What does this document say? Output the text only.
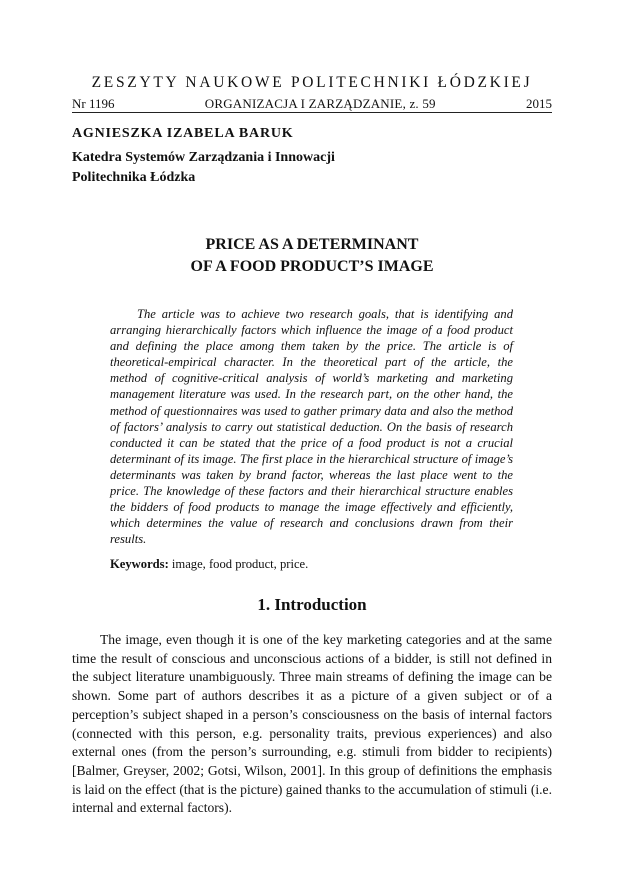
ZESZYTY NAUKOWE POLITECHNIKI ŁÓDZKIEJ
Nr 1196	ORGANIZACJA I ZARZĄDZANIE, z. 59	2015
AGNIESZKA IZABELA BARUK
Katedra Systemów Zarządzania i Innowacji
Politechnika Łódzka
PRICE AS A DETERMINANT
OF A FOOD PRODUCT’S IMAGE

The article was to achieve two research goals, that is identifying and arranging hierarchically factors which influence the image of a food product and defining the place among them taken by the price. The article is of theoretical-empirical character. In the theoretical part of the article, the method of cognitive-critical analysis of world’s marketing and marketing management literature was used. In the research part, on the other hand, the method of questionnaires was used to gather primary data and also the method of factors’ analysis to carry out statistical deduction. On the basis of research conducted it can be stated that the price of a food product is not a crucial determinant of its image. The first place in the hierarchical structure of image’s determinants was taken by brand factor, whereas the last place went to the price. The knowledge of these factors and their hierarchical structure enables the bidders of food products to manage the image effectively and efficiently, which determines the value of research and conclusions drawn from their results.

Keywords: image, food product, price.
1. Introduction

The image, even though it is one of the key marketing categories and at the same time the result of conscious and unconscious actions of a bidder, is still not defined in the subject literature unambiguously. Three main streams of defining the image can be shown. Some part of authors describes it as a picture of a given subject or of a perception’s subject shaped in a person’s consciousness on the basis of internal factors (connected with this person, e.g. personality traits, previous experiences) and also external ones (from the person’s surrounding, e.g. stimuli from bidder to recipients) [Balmer, Greyser, 2002; Gotsi, Wilson, 2001]. In this group of definitions the emphasis is laid on the effect (that is the picture) gained thanks to the accumulation of stimuli (i.e. internal and external factors).
